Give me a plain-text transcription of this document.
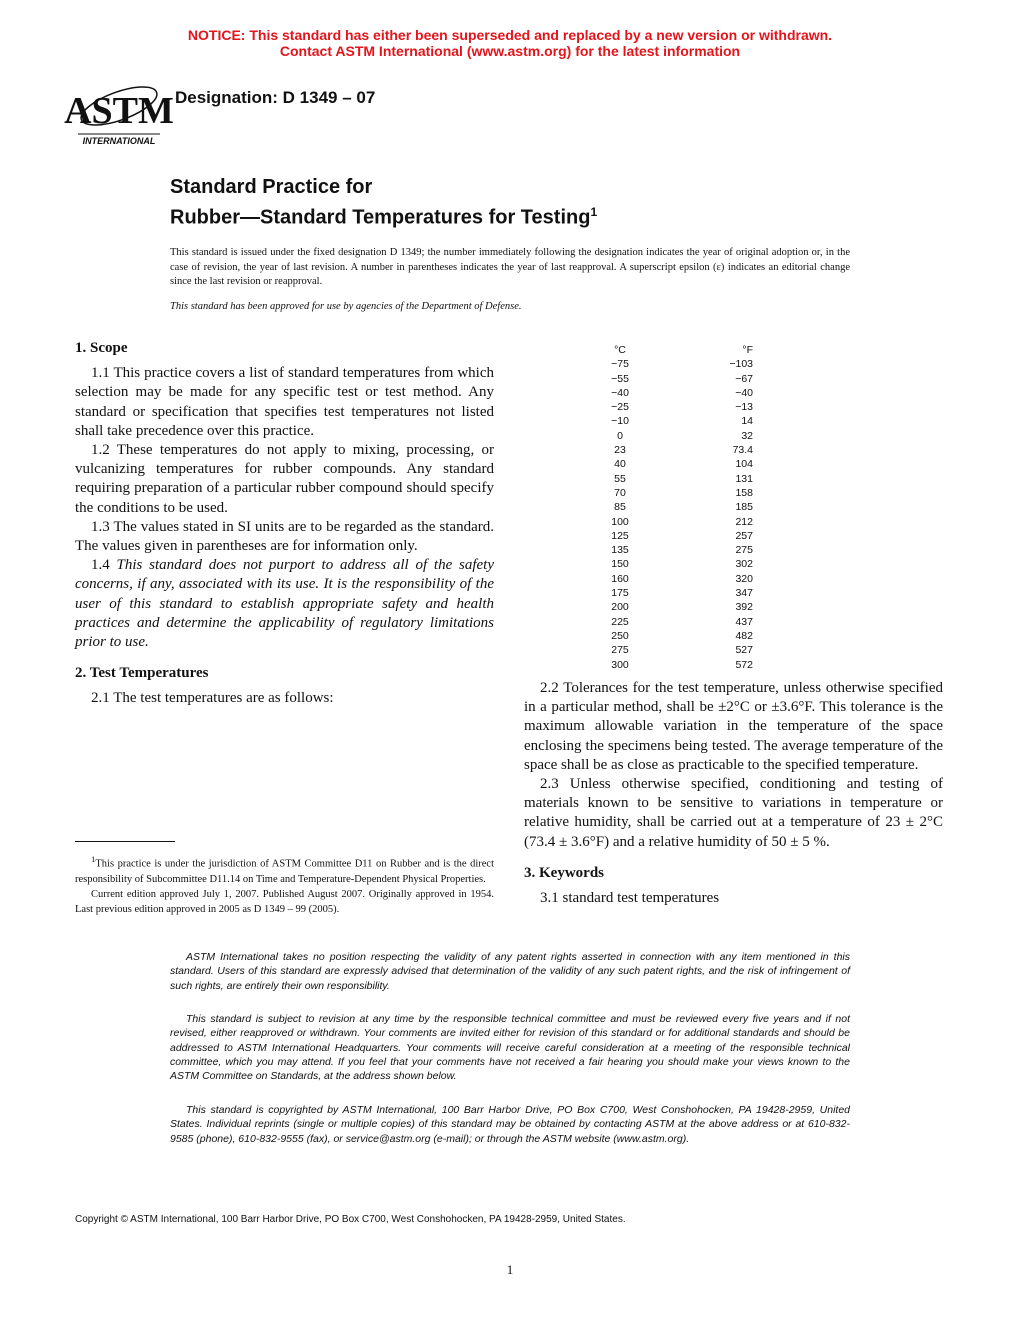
NOTICE: This standard has either been superseded and replaced by a new version or withdrawn.
Contact ASTM International (www.astm.org) for the latest information
ASTM
INTERNATIONAL
Designation: D 1349 – 07
Standard Practice for
Rubber—Standard Temperatures for Testing$^1$
This standard is issued under the fixed designation D 1349; the number immediately following the designation indicates the year of original adoption or, in the case of revision, the year of last revision. A number in parentheses indicates the year of last reapproval. A superscript epsilon (ε) indicates an editorial change since the last revision or reapproval.
This standard has been approved for use by agencies of the Department of Defense.
1. Scope

1.1 This practice covers a list of standard temperatures from which selection may be made for any specific test or test method. Any standard or specification that specifies test temperatures not listed shall take precedence over this practice.

1.2 These temperatures do not apply to mixing, processing, or vulcanizing temperatures for rubber compounds. Any standard requiring preparation of a particular rubber compound should specify the conditions to be used.

1.3 The values stated in SI units are to be regarded as the standard. The values given in parentheses are for information only.

1.4 This standard does not purport to address all of the safety concerns, if any, associated with its use. It is the responsibility of the user of this standard to establish appropriate safety and health practices and determine the applicability of regulatory limitations prior to use.

2. Test Temperatures

2.1 The test temperatures are as follows:

°C	°F
−75	−103
−55	−67
−40	−40
−25	−13
−10	14
0	32
23	73.4
40	104
55	131
70	158
85	185
100	212
125	257
135	275
150	302
160	320
175	347
200	392
225	437
250	482
275	527
300	572

2.2 Tolerances for the test temperature, unless otherwise specified in a particular method, shall be ±2°C or ±3.6°F. This tolerance is the maximum allowable variation in the temperature of the space enclosing the specimens being tested. The average temperature of the space shall be as close as practicable to the specified temperature.

2.3 Unless otherwise specified, conditioning and testing of materials known to be sensitive to variations in temperature or relative humidity, shall be carried out at a temperature of 23 ± 2°C (73.4 ± 3.6°F) and a relative humidity of 50 ± 5 %.

3. Keywords

3.1 standard test temperatures

$^1$This practice is under the jurisdiction of ASTM Committee D11 on Rubber and is the direct responsibility of Subcommittee D11.14 on Time and Temperature-Dependent Physical Properties.

Current edition approved July 1, 2007. Published August 2007. Originally approved in 1954. Last previous edition approved in 2005 as D 1349 – 99 (2005).

ASTM International takes no position respecting the validity of any patent rights asserted in connection with any item mentioned in this standard. Users of this standard are expressly advised that determination of the validity of any such patent rights, and the risk of infringement of such rights, are entirely their own responsibility.

This standard is subject to revision at any time by the responsible technical committee and must be reviewed every five years and if not revised, either reapproved or withdrawn. Your comments are invited either for revision of this standard or for additional standards and should be addressed to ASTM International Headquarters. Your comments will receive careful consideration at a meeting of the responsible technical committee, which you may attend. If you feel that your comments have not received a fair hearing you should make your views known to the ASTM Committee on Standards, at the address shown below.

This standard is copyrighted by ASTM International, 100 Barr Harbor Drive, PO Box C700, West Conshohocken, PA 19428-2959, United States. Individual reprints (single or multiple copies) of this standard may be obtained by contacting ASTM at the above address or at 610-832-9585 (phone), 610-832-9555 (fax), or service@astm.org (e-mail); or through the ASTM website (www.astm.org).

Copyright © ASTM International, 100 Barr Harbor Drive, PO Box C700, West Conshohocken, PA 19428-2959, United States.
1
